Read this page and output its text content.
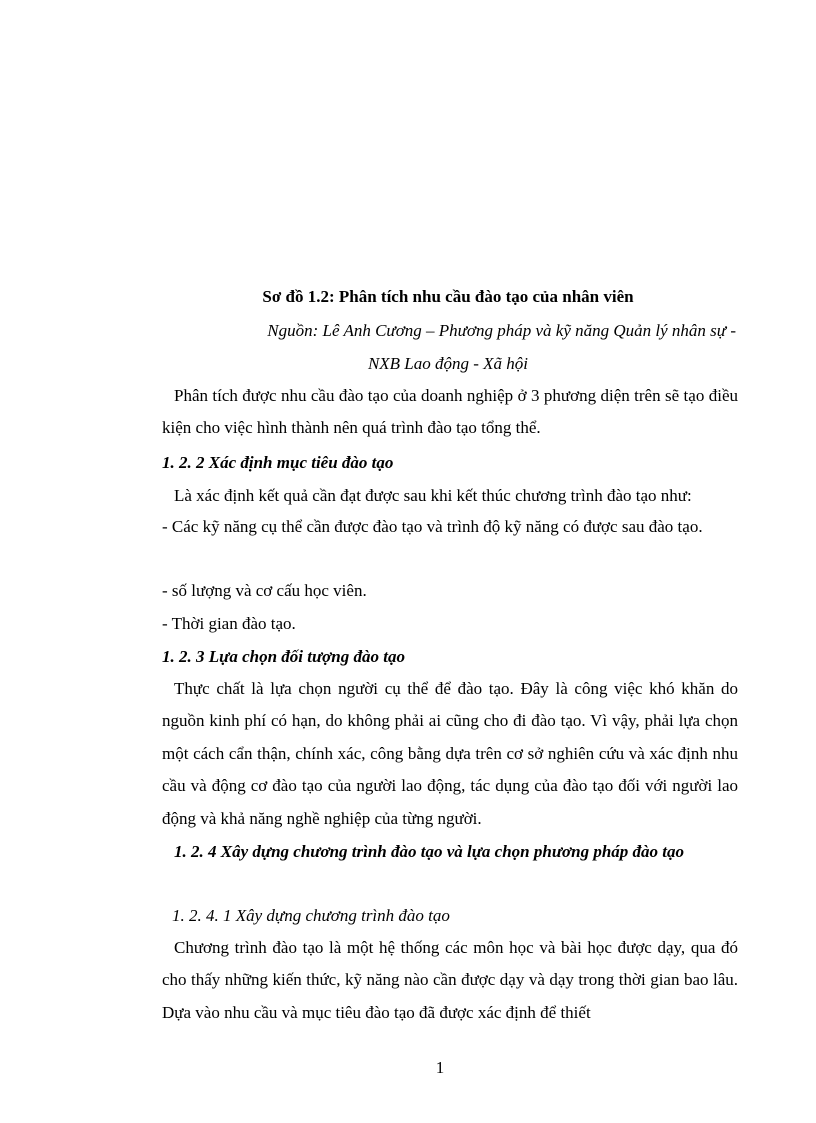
Sơ đồ 1.2: Phân tích nhu cầu đào tạo của nhân viên
Nguồn: Lê Anh Cương – Phương pháp và kỹ năng Quản lý nhân sự -
NXB Lao động - Xã hội
Phân tích được nhu cầu đào tạo của doanh nghiệp ở 3 phương diện trên sẽ tạo điều kiện cho việc hình thành nên quá trình đào tạo tổng thể.
1. 2. 2 Xác định mục tiêu đào tạo
Là xác định kết quả cần đạt được sau khi kết thúc chương trình đào tạo như:
- Các kỹ năng cụ thể cần được đào tạo và trình độ kỹ năng có được sau đào tạo.
- số lượng và cơ cấu học viên.
- Thời gian đào tạo.
1. 2. 3 Lựa chọn đối tượng đào tạo
Thực chất là lựa chọn người cụ thể để đào tạo. Đây là công việc khó khăn do nguồn kinh phí có hạn, do không phải ai cũng cho đi đào tạo. Vì vậy, phải lựa chọn một cách cẩn thận, chính xác, công bằng dựa trên cơ sở nghiên cứu và xác định nhu cầu và động cơ đào tạo của người lao động, tác dụng của đào tạo đối với người lao động và khả năng nghề nghiệp của từng người.
1. 2. 4 Xây dựng chương trình đào tạo và lựa chọn phương pháp đào tạo
1. 2. 4. 1 Xây dựng chương trình đào tạo
Chương trình đào tạo là một hệ thống các môn học và bài học được dạy, qua đó cho thấy những kiến thức, kỹ năng nào cần được dạy và dạy trong thời gian bao lâu. Dựa vào nhu cầu và mục tiêu đào tạo đã được xác định để thiết
1
